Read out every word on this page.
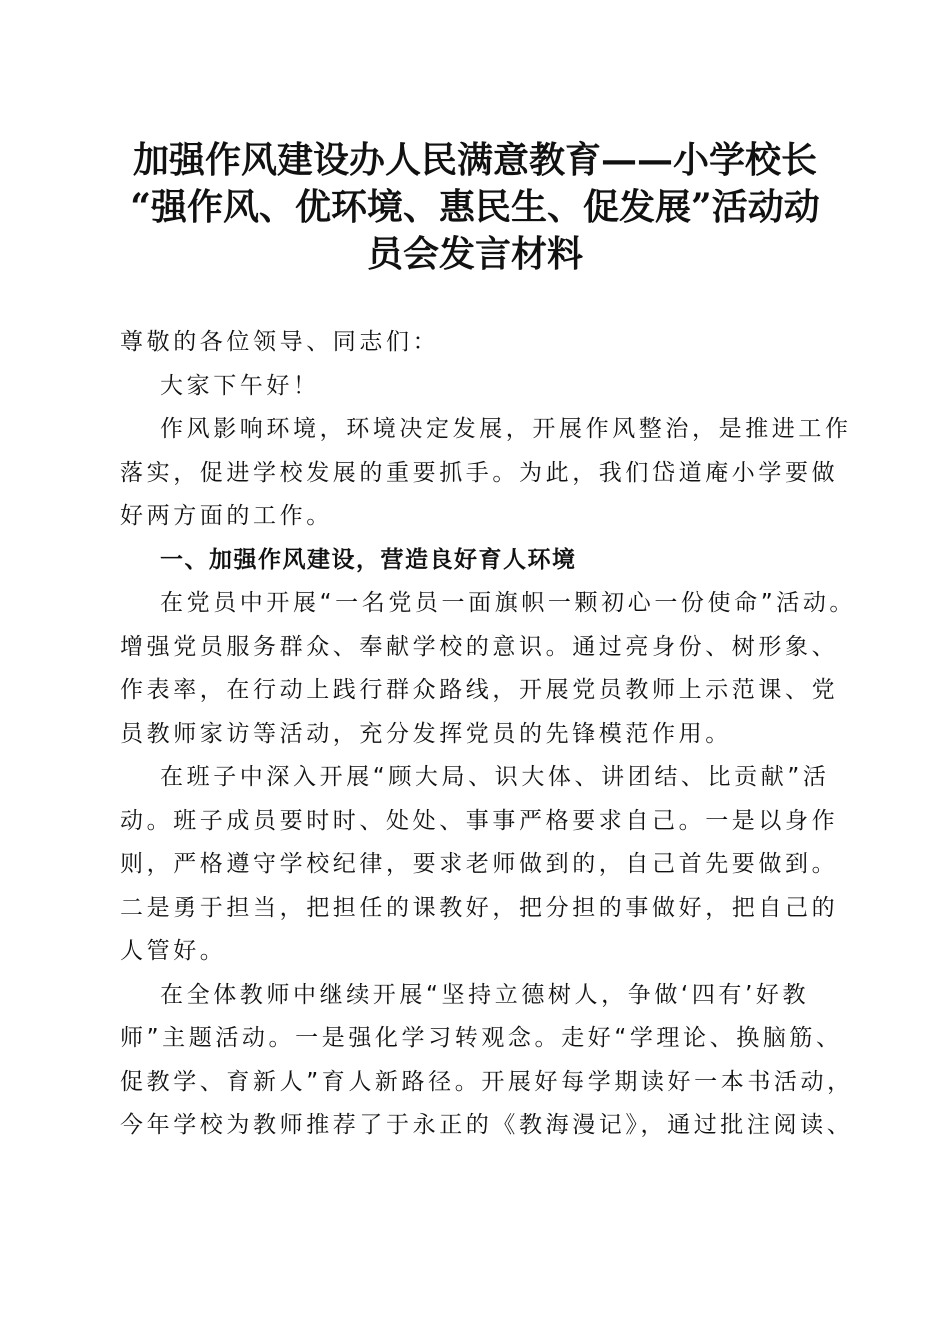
加强作风建设办人民满意教育——小学校长
“强作风、优环境、惠民生、促发展”活动动
员会发言材料
尊敬的各位领导、同志们：
大家下午好！
作风影响环境，环境决定发展，开展作风整治，是推进工作
落实，促进学校发展的重要抓手。为此，我们岱道庵小学要做
好两方面的工作。
一、加强作风建设，营造良好育人环境
在党员中开展“一名党员一面旗帜一颗初心一份使命”活动。
增强党员服务群众、奉献学校的意识。通过亮身份、树形象、
作表率，在行动上践行群众路线，开展党员教师上示范课、党
员教师家访等活动，充分发挥党员的先锋模范作用。
在班子中深入开展“顾大局、识大体、讲团结、比贡献”活
动。班子成员要时时、处处、事事严格要求自己。一是以身作
则，严格遵守学校纪律，要求老师做到的，自己首先要做到。
二是勇于担当，把担任的课教好，把分担的事做好，把自己的
人管好。
在全体教师中继续开展“坚持立德树人，争做‘四有’好教
师”主题活动。一是强化学习转观念。走好“学理论、换脑筋、
促教学、育新人”育人新路径。开展好每学期读好一本书活动，
今年学校为教师推荐了于永正的《教海漫记》，通过批注阅读、
